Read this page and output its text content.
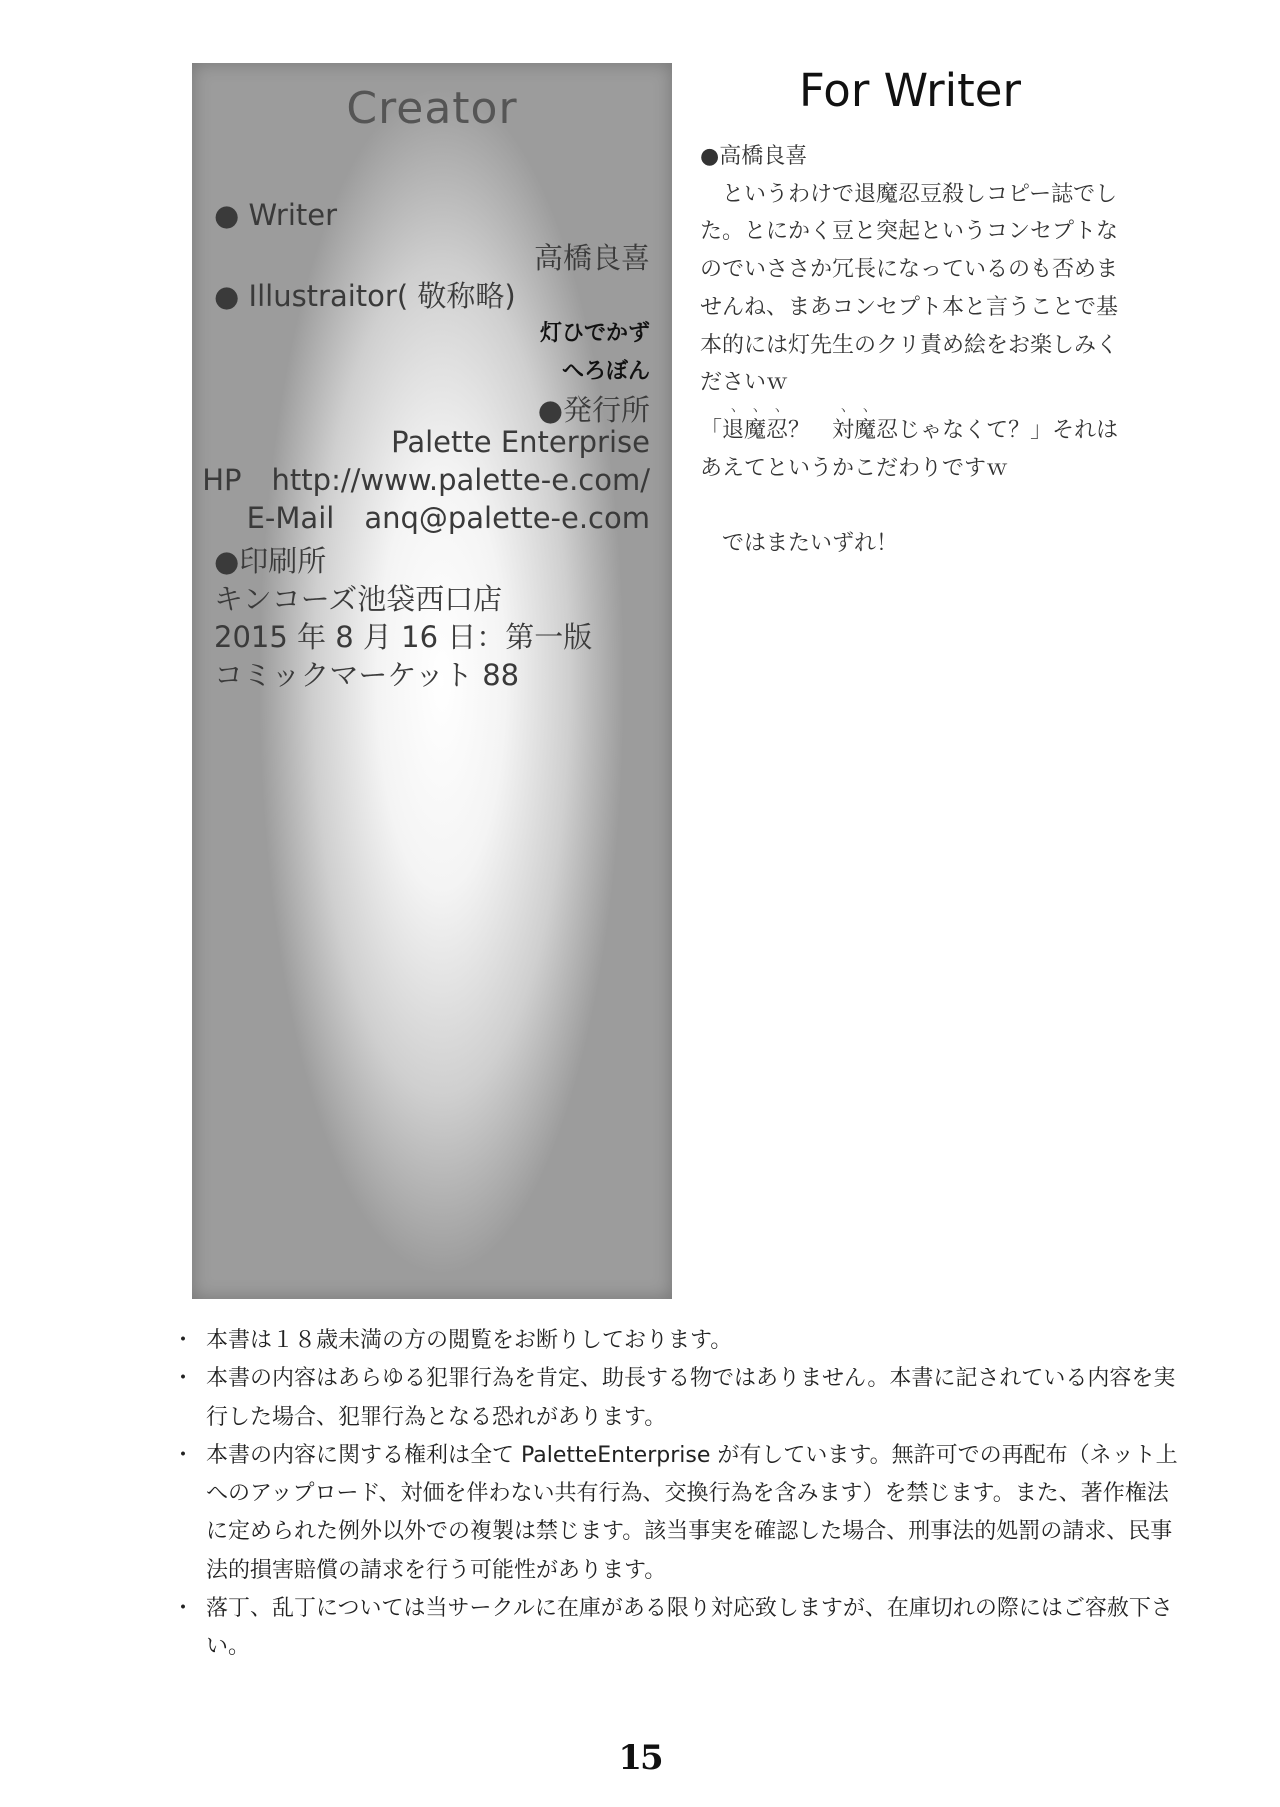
Creator
● Writer
高橋良喜
● Illustraitor( 敬称略)
灯ひでかず
へろぼん
●発行所
Palette Enterprise
HP http://www.palette-e.com/
E-Mail anq@palette-e.com
●印刷所
キンコーズ池袋西口店
2015 年 8 月 16 日：第一版
コミックマーケット 88
For Writer

●高橋良喜

　というわけで退魔忍豆殺しコピー誌でした。とにかく豆と突起というコンセプトなのでいささか冗長になっているのも否めませんね、まあコンセプト本と言うことで基本的には灯先生のクリ責め絵をお楽しみくださいｗ

「退魔忍？　対魔忍じゃなくて？」それはあえてというかこだわりですｗ

　ではまたいずれ！

・ 本書は１８歳未満の方の閲覧をお断りしております。
・ 本書の内容はあらゆる犯罪行為を肯定、助長する物ではありません。本書に記されている内容を実行した場合、犯罪行為となる恐れがあります。
・ 本書の内容に関する権利は全て PaletteEnterprise が有しています。無許可での再配布（ネット上へのアップロード、対価を伴わない共有行為、交換行為を含みます）を禁じます。また、著作権法に定められた例外以外での複製は禁じます。該当事実を確認した場合、刑事法的処罰の請求、民事法的損害賠償の請求を行う可能性があります。
・ 落丁、乱丁については当サークルに在庫がある限り対応致しますが、在庫切れの際にはご容赦下さい。
15
